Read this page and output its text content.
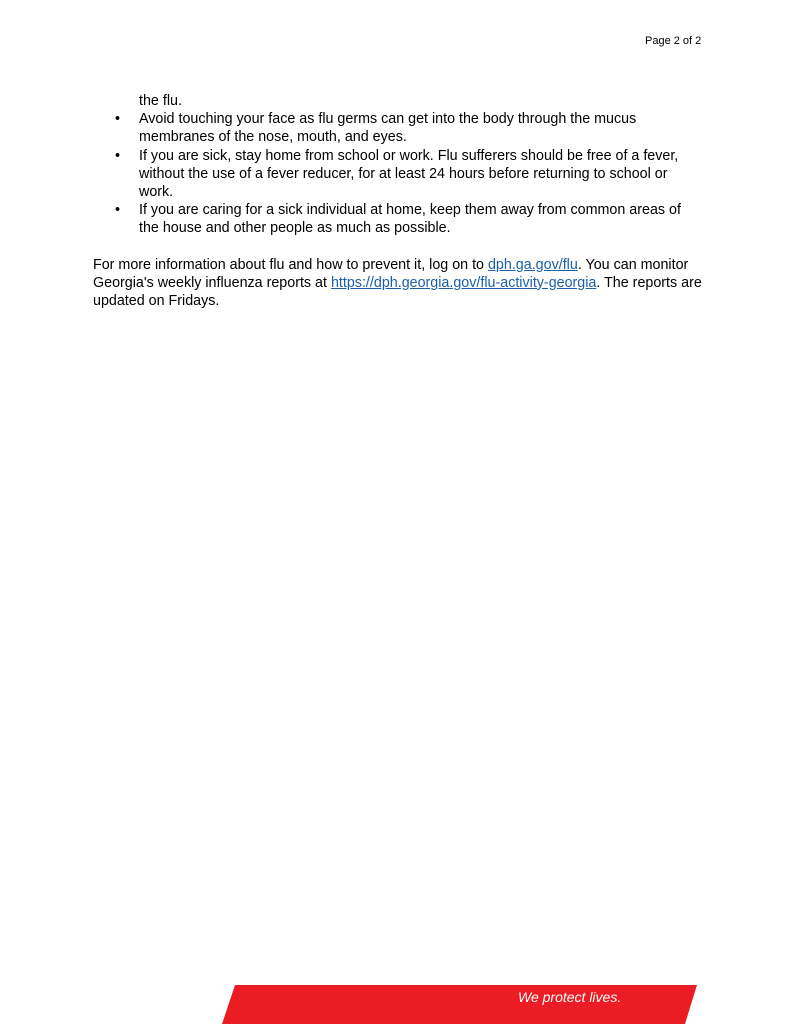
Page 2 of 2
the flu.
• Avoid touching your face as flu germs can get into the body through the mucus
membranes of the nose, mouth, and eyes.
• If you are sick, stay home from school or work. Flu sufferers should be free of a fever,
without the use of a fever reducer, for at least 24 hours before returning to school or
work.
• If you are caring for a sick individual at home, keep them away from common areas of
the house and other people as much as possible.
For more information about flu and how to prevent it, log on to dph.ga.gov/flu. You can monitor Georgia's weekly influenza reports at https://dph.georgia.gov/flu-activity-georgia. The reports are updated on Fridays.
We protect lives.
